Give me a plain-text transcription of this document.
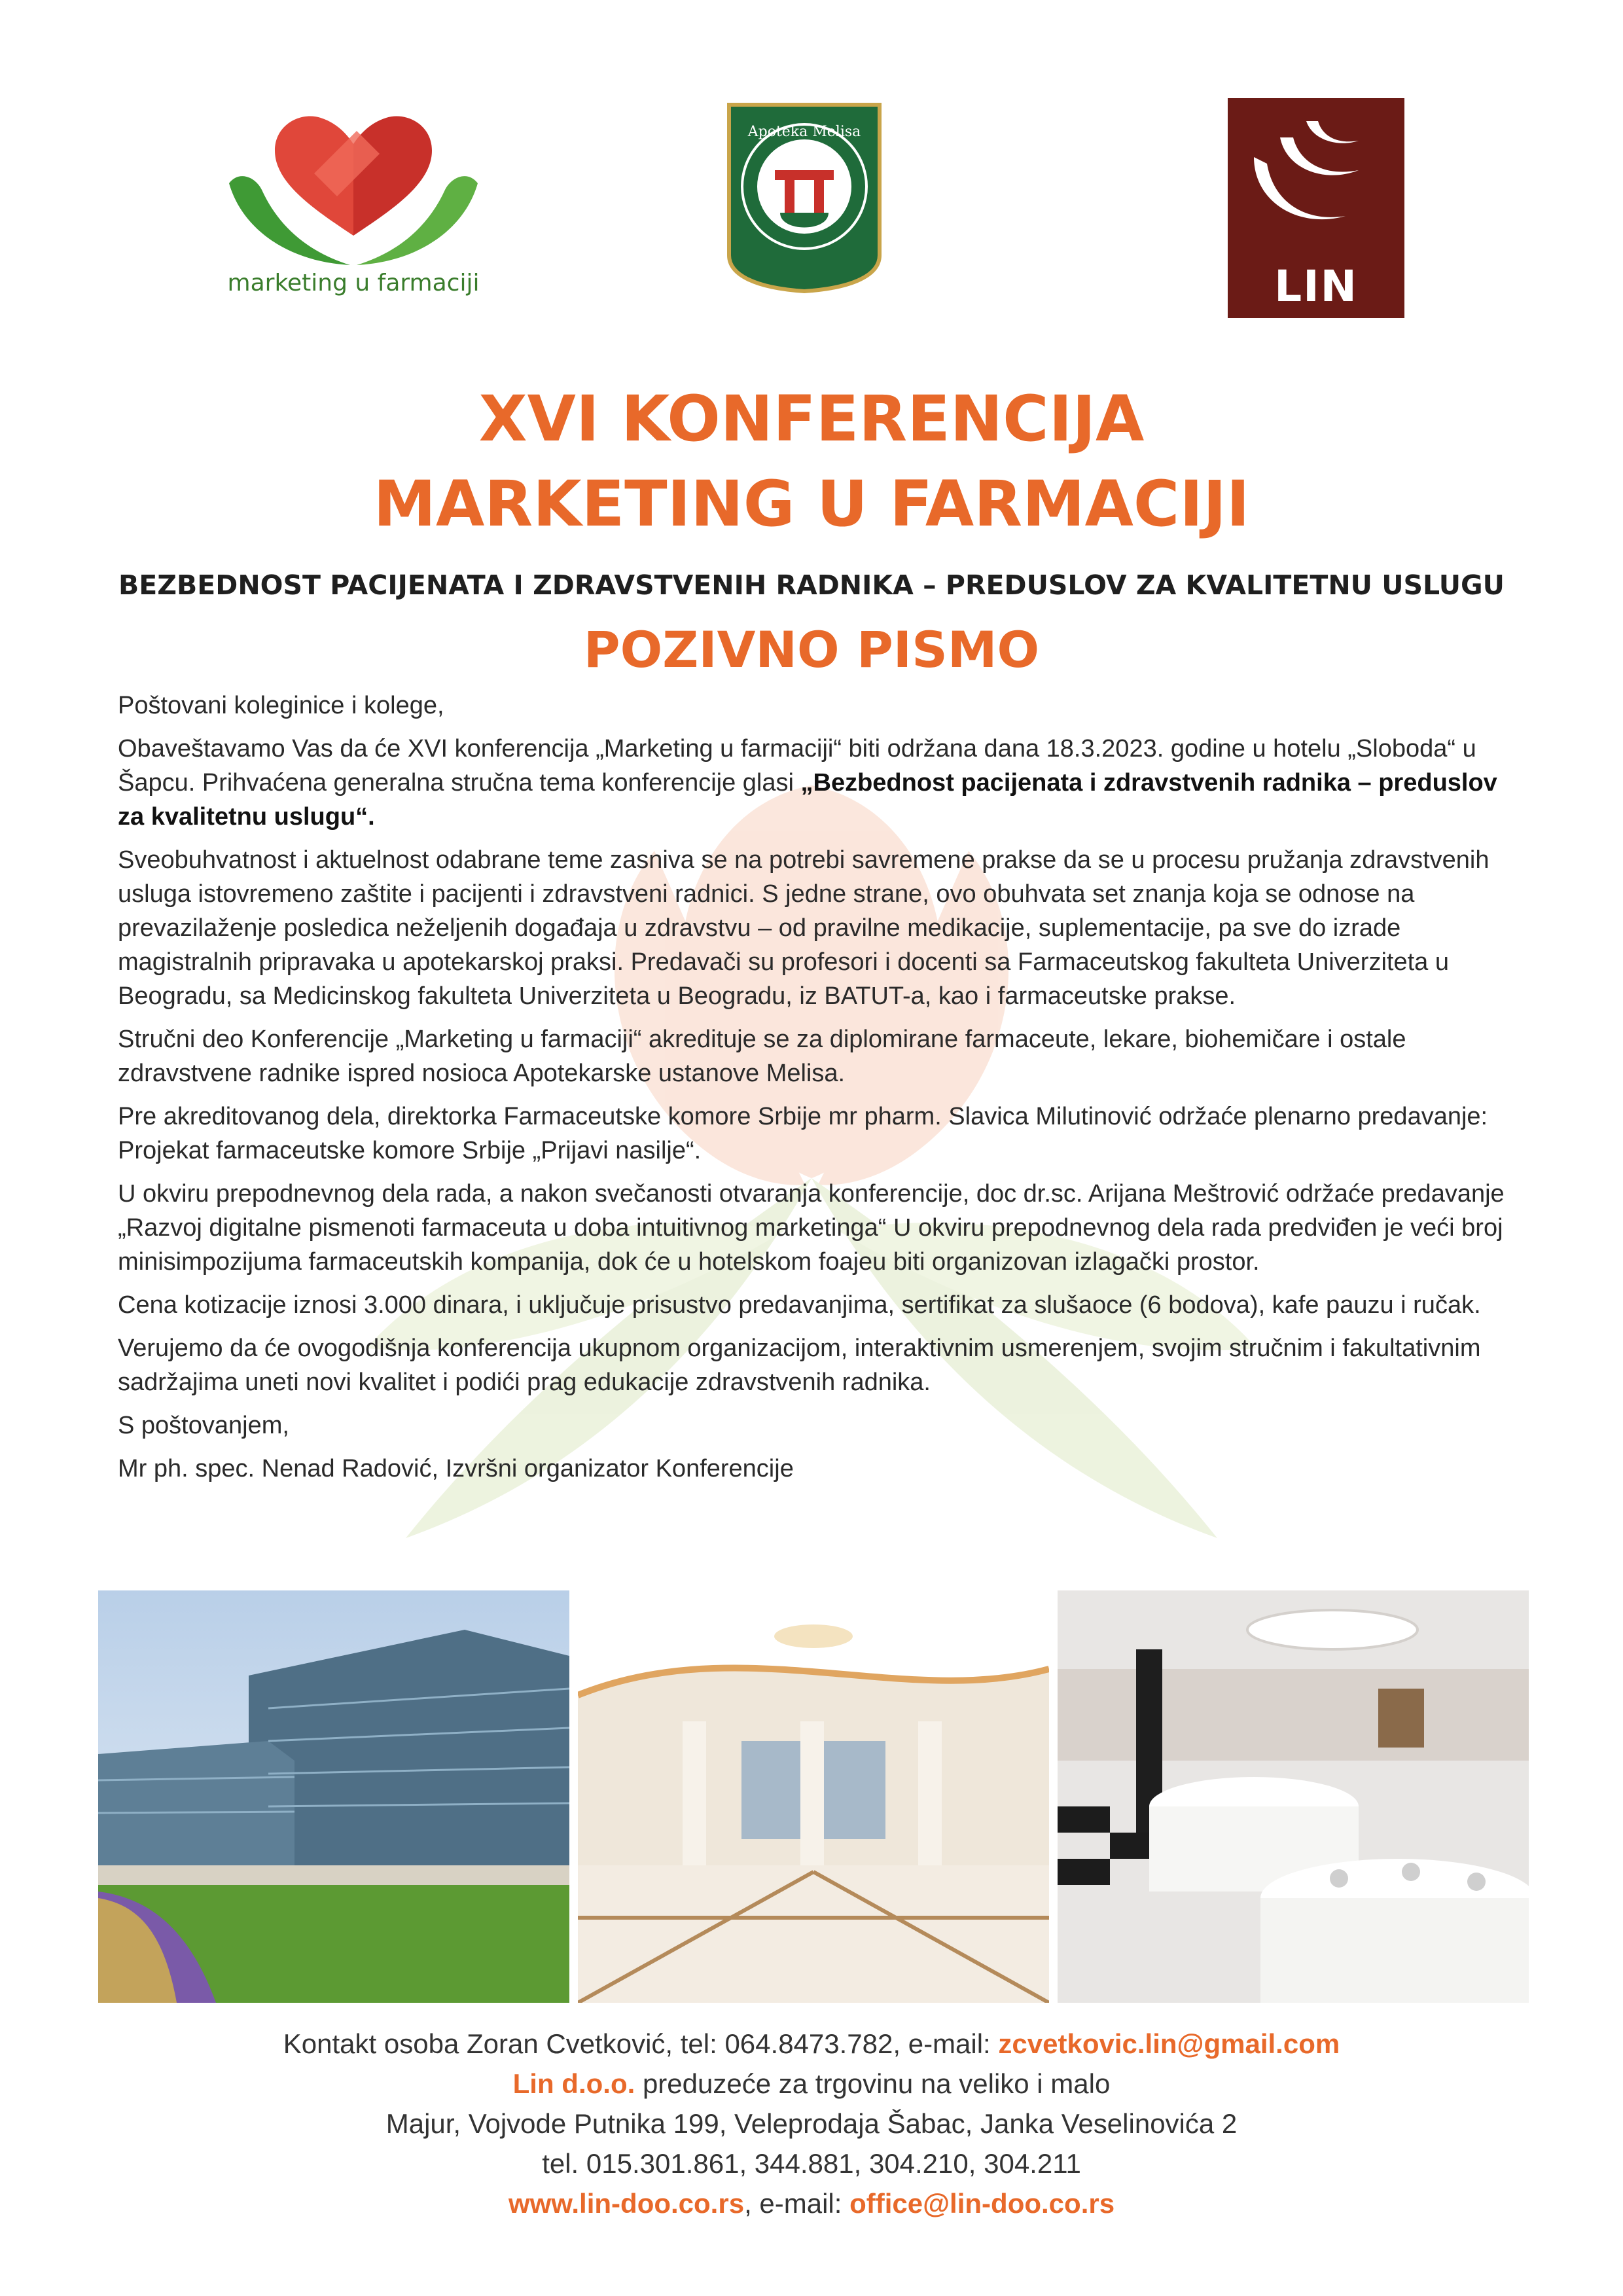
marketing u farmaciji
Apoteka Melisa
LIN
XVI KONFERENCIJA
MARKETING U FARMACIJI
BEZBEDNOST PACIJENATA I ZDRAVSTVENIH RADNIKA – PREDUSLOV ZA KVALITETNU USLUGU
POZIVNO PISMO

Poštovani koleginice i kolege,

Obaveštavamo Vas da će XVI konferencija „Marketing u farmaciji“ biti održana dana 18.3.2023. godine u hotelu „Sloboda“ u Šapcu. Prihvaćena generalna stručna tema konferencije glasi „Bezbednost pacijenata i zdravstvenih radnika – preduslov za kvalitetnu uslugu“.

Sveobuhvatnost i aktuelnost odabrane teme zasniva se na potrebi savremene prakse da se u procesu pružanja zdravstvenih usluga istovremeno zaštite i pacijenti i zdravstveni radnici. S jedne strane, ovo obuhvata set znanja koja se odnose na prevazilaženje posledica neželjenih događaja u zdravstvu – od pravilne medikacije, suplementacije, pa sve do izrade magistralnih pripravaka u apotekarskoj praksi. Predavači su profesori i docenti sa Farmaceutskog fakulteta Univerziteta u Beogradu, sa Medicinskog fakulteta Univerziteta u Beogradu, iz BATUT-a, kao i farmaceutske prakse.

Stručni deo Konferencije „Marketing u farmaciji“ akredituje se za diplomirane farmaceute, lekare, biohemičare i ostale zdravstvene radnike ispred nosioca Apotekarske ustanove Melisa.

Pre akreditovanog dela, direktorka Farmaceutske komore Srbije mr pharm. Slavica Milutinović održaće plenarno predavanje: Projekat farmaceutske komore Srbije „Prijavi nasilje“.

U okviru prepodnevnog dela rada, a nakon svečanosti otvaranja konferencije, doc dr.sc. Arijana Meštrović održaće predavanje „Razvoj digitalne pismenoti farmaceuta u doba intuitivnog marketinga“ U okviru prepodnevnog dela rada predviđen je veći broj minisimpozijuma farmaceutskih kompanija, dok će u hotelskom foajeu biti organizovan izlagački prostor.

Cena kotizacije iznosi 3.000 dinara, i uključuje prisustvo predavanjima, sertifikat za slušaoce (6 bodova), kafe pauzu i ručak.

Verujemo da će ovogodišnja konferencija ukupnom organizacijom, interaktivnim usmerenjem, svojim stručnim i fakultativnim sadržajima uneti novi kvalitet i podići prag edukacije zdravstvenih radnika.

S poštovanjem,

Mr ph. spec. Nenad Radović, Izvršni organizator Konferencije

Kontakt osoba Zoran Cvetković, tel: 064.8473.782, e-mail: zcvetkovic.lin@gmail.com
Lin d.o.o. preduzeće za trgovinu na veliko i malo
Majur, Vojvode Putnika 199, Veleprodaja Šabac, Janka Veselinovića 2
tel. 015.301.861, 344.881, 304.210, 304.211
www.lin-doo.co.rs, e-mail: office@lin-doo.co.rs
